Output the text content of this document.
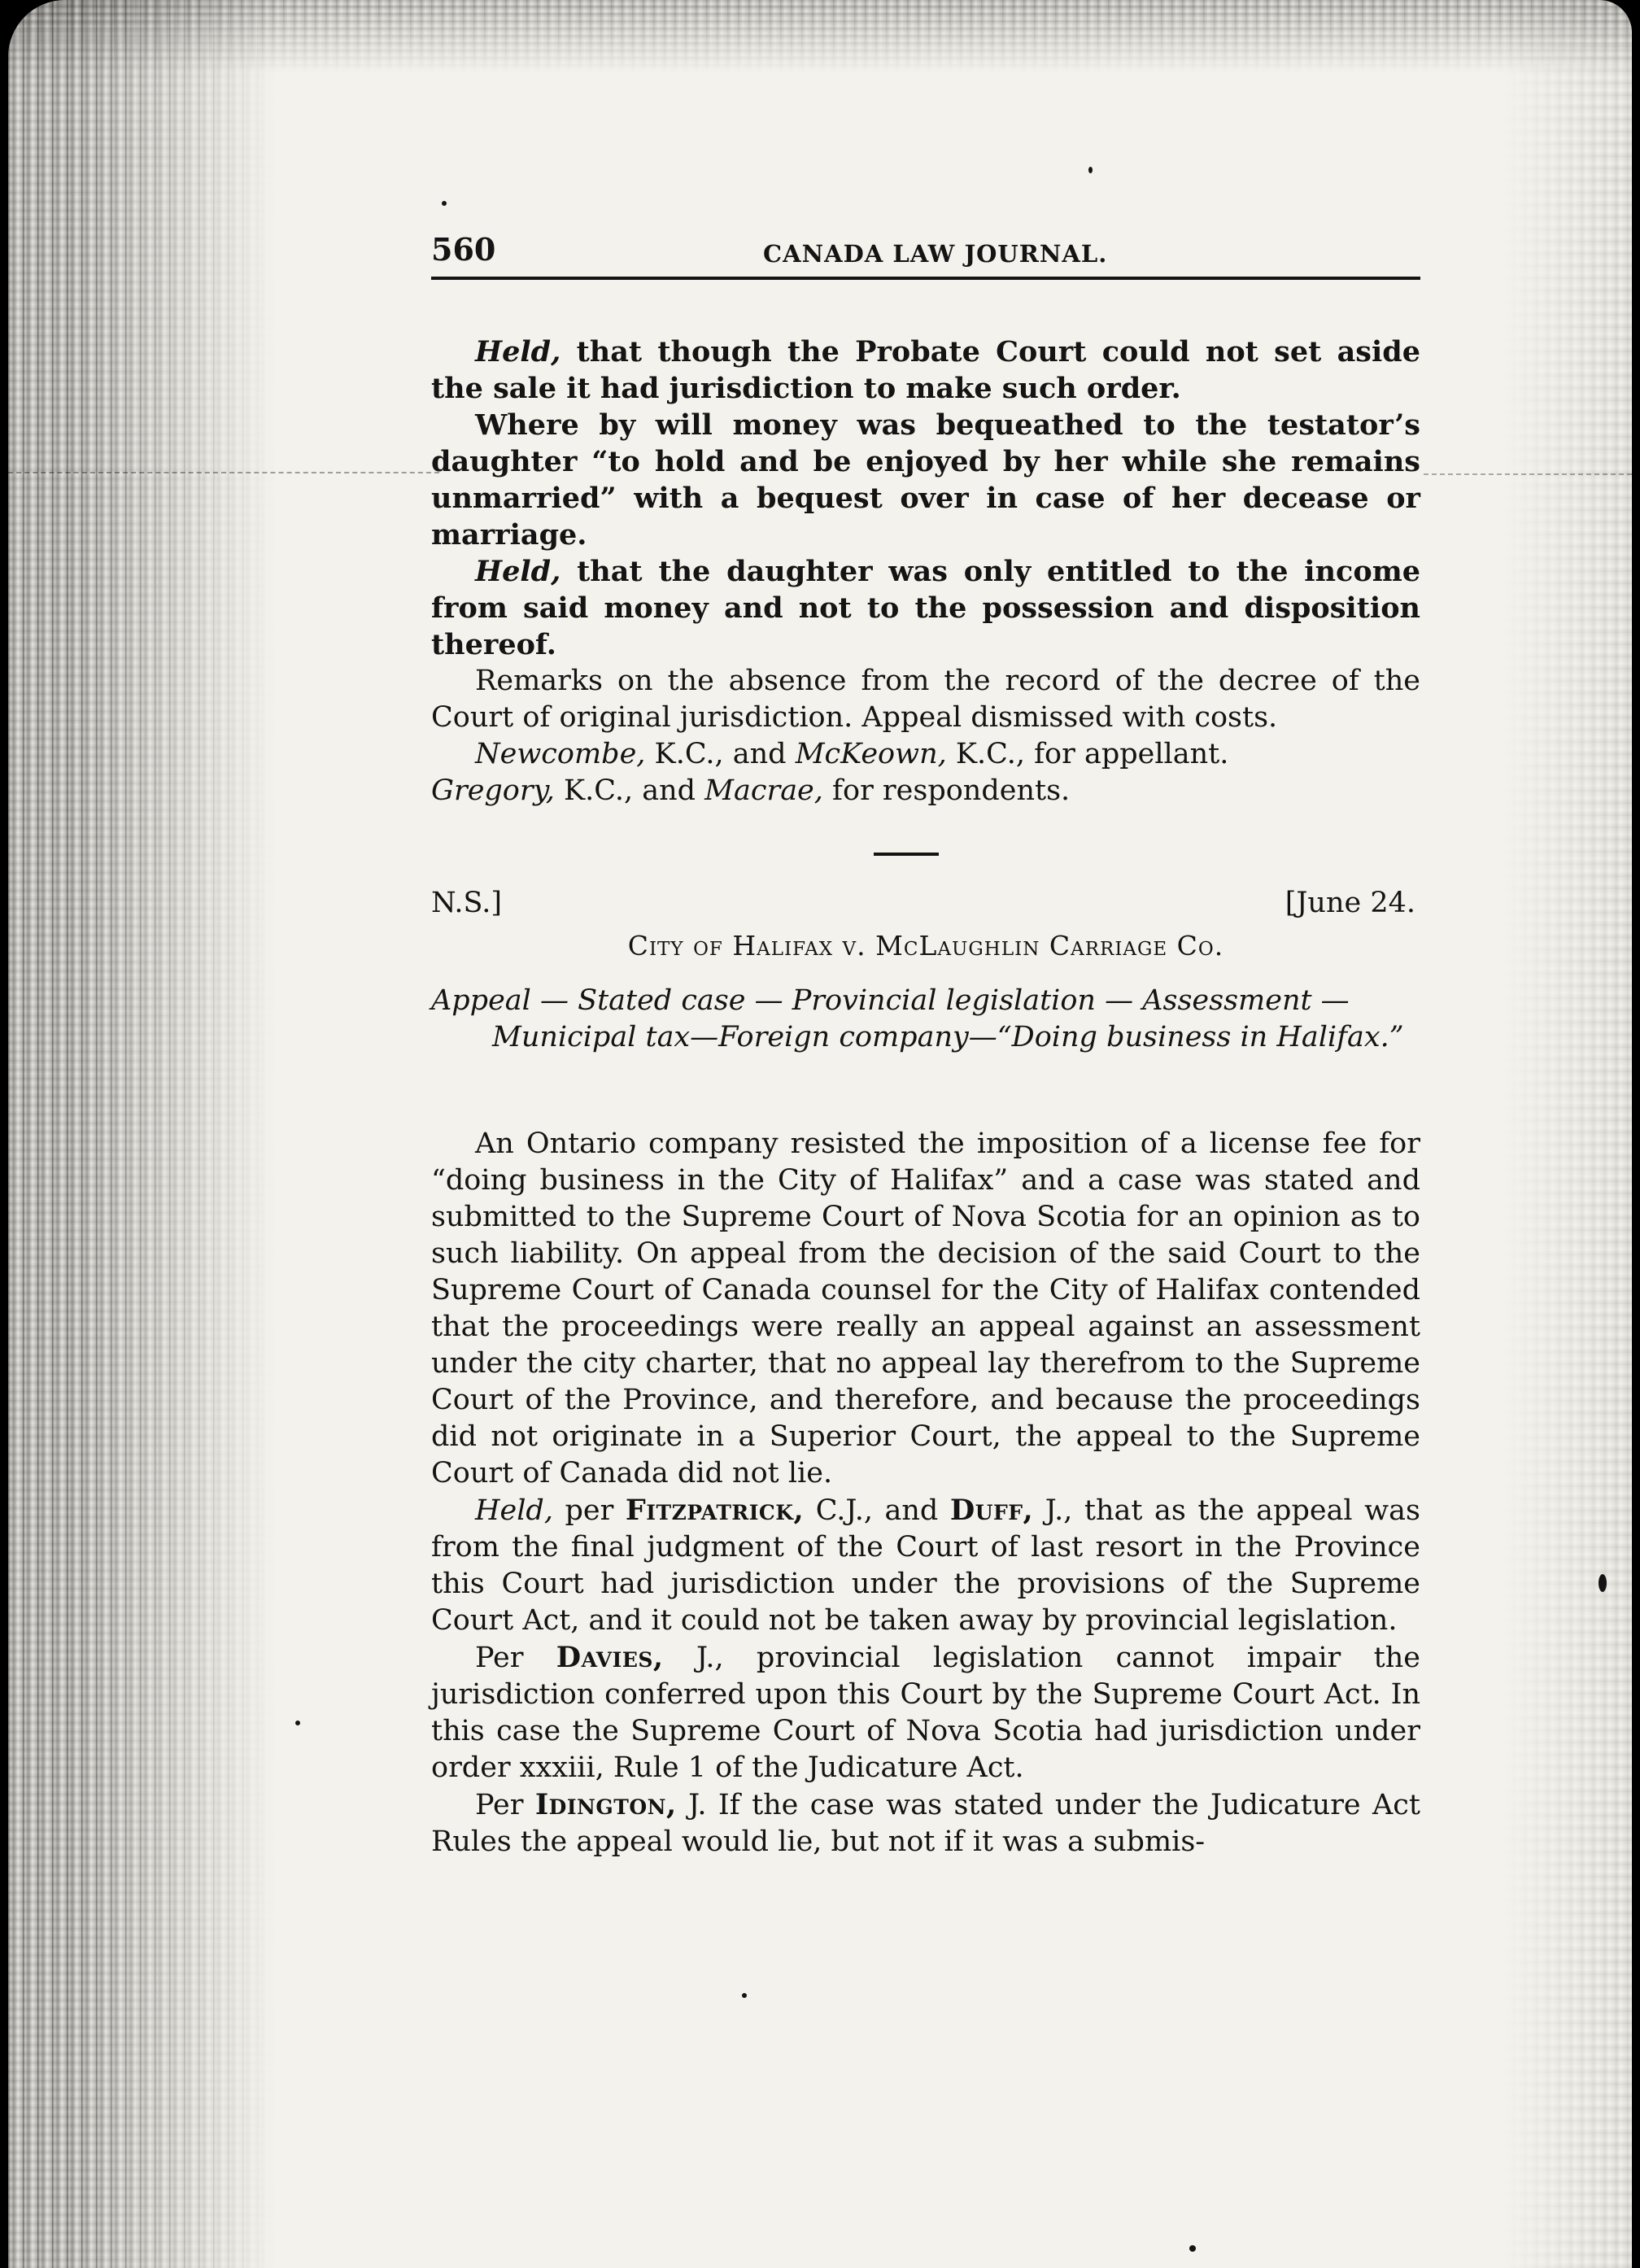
560	CANADA LAW JOURNAL.

Held, that though the Probate Court could not set aside the sale it had jurisdiction to make such order.

Where by will money was bequeathed to the testator’s daughter “to hold and be enjoyed by her while she remains unmarried” with a bequest over in case of her decease or marriage.

Held, that the daughter was only entitled to the income from said money and not to the possession and disposition thereof.

Remarks on the absence from the record of the decree of the Court of original jurisdiction. Appeal dismissed with costs.

Newcombe, K.C., and McKeown, K.C., for appellant.

Gregory, K.C., and Macrae, for respondents.

N.S.]	[June 24.
City of Halifax v. McLaughlin Carriage Co.
Appeal — Stated case — Provincial legislation — Assessment —
Municipal tax—Foreign company—“Doing business in Halifax.”

An Ontario company resisted the imposition of a license fee for “doing business in the City of Halifax” and a case was stated and submitted to the Supreme Court of Nova Scotia for an opinion as to such liability. On appeal from the decision of the said Court to the Supreme Court of Canada counsel for the City of Halifax contended that the proceedings were really an appeal against an assessment under the city charter, that no appeal lay therefrom to the Supreme Court of the Province, and therefore, and because the proceedings did not originate in a Superior Court, the appeal to the Supreme Court of Canada did not lie.

Held, per Fitzpatrick, C.J., and Duff, J., that as the appeal was from the final judgment of the Court of last resort in the Province this Court had jurisdiction under the provisions of the Supreme Court Act, and it could not be taken away by provincial legislation.

Per Davies, J., provincial legislation cannot impair the jurisdiction conferred upon this Court by the Supreme Court Act. In this case the Supreme Court of Nova Scotia had jurisdiction under order xxxiii, Rule 1 of the Judicature Act.

Per Idington, J. If the case was stated under the Judicature Act Rules the appeal would lie, but not if it was a submis-
